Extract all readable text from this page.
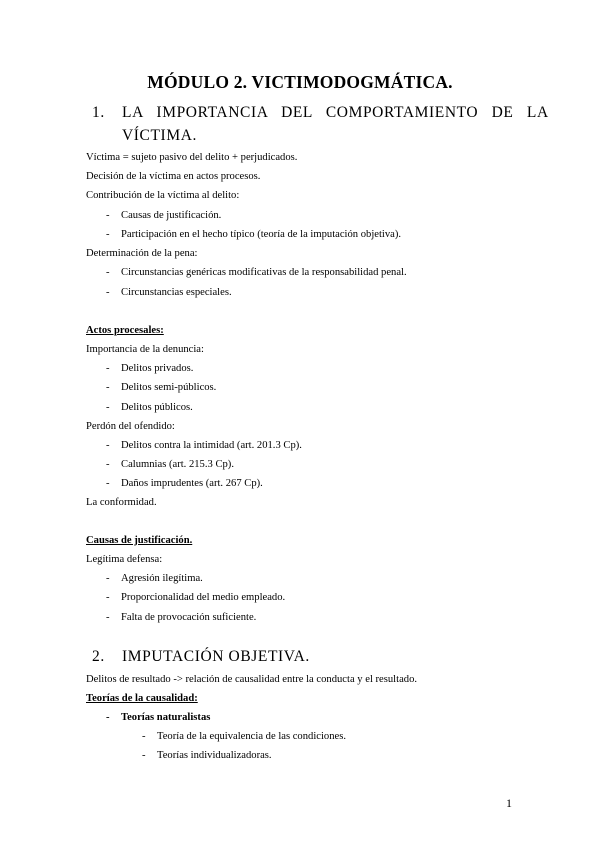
MÓDULO 2. VICTIMODOGMÁTICA.
1. LA   IMPORTANCIA   DEL   COMPORTAMIENTO   DE   LA
VÍCTIMA.
Víctima = sujeto pasivo del delito + perjudicados.
Decisión de la víctima en actos procesos.
Contribución de la víctima al delito:
- Causas de justificación.
- Participación en el hecho típico (teoría de la imputación objetiva).
Determinación de la pena:
- Circunstancias genéricas modificativas de la responsabilidad penal.
- Circunstancias especiales.
Actos procesales:
Importancia de la denuncia:
- Delitos privados.
- Delitos semi-públicos.
- Delitos públicos.
Perdón del ofendido:
- Delitos contra la intimidad (art. 201.3 Cp).
- Calumnias (art. 215.3 Cp).
- Daños imprudentes (art. 267 Cp).
La conformidad.
Causas de justificación.
Legítima defensa:
- Agresión ilegítima.
- Proporcionalidad del medio empleado.
- Falta de provocación suficiente.
2. IMPUTACIÓN OBJETIVA.
Delitos de resultado -> relación de causalidad entre la conducta y el resultado.
Teorías de la causalidad:
- Teorías naturalistas
- Teoría de la equivalencia de las condiciones.
- Teorías individualizadoras.
1
